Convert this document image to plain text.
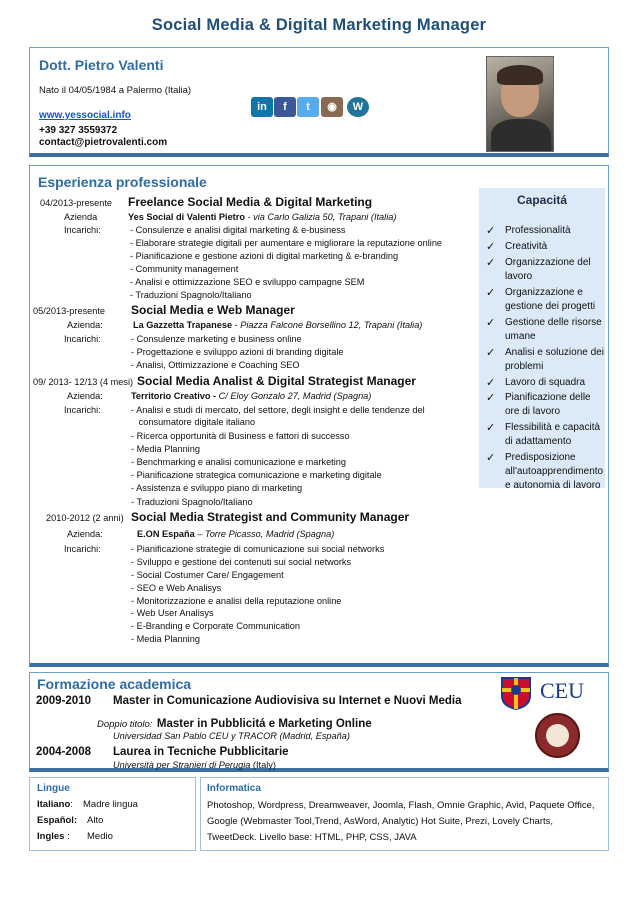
Social Media & Digital Marketing Manager
Dott. Pietro Valenti
Nato il 04/05/1984 a Palermo (Italia)
www.yessocial.info
+39 327 3559372
contact@pietrovalenti.com
in	f	t	◉	W
Esperienza professionale
04/2013-presente Freelance Social Media & Digital Marketing
Azienda	Yes Social di Valenti Pietro - via Carlo Galizia 50, Trapani (Italia)
Incarichi:	- Consulenze e analisi digital marketing & e-business
- Elaborare strategie digitali per aumentare e migliorare la reputazione online
- Pianificazione e gestione azioni di digital marketing & e-branding
- Community management
- Analisi e ottimizzazione SEO e sviluppo campagne SEM
- Traduzioni Spagnolo/Italiano
05/2013-presente Social Media e Web Manager
Azienda:	La Gazzetta Trapanese - Piazza Falcone Borsellino 12, Trapani (Italia)
Incarichi:	- Consulenze marketing e business online
- Progettazione e sviluppo azioni di branding digitale
- Analisi, Ottimizzazione e Coaching SEO
09/ 2013- 12/13 (4 mesi) Social Media Analist & Digital Strategist Manager
Azienda:	Territorio Creativo - C/ Eloy Gonzalo 27, Madrid (Spagna)
Incarichi:	- Analisi e studi di mercato, del settore, degli insight e delle tendenze del
consumatore digitale italiano
- Ricerca opportunità di Business e fattori di successo
- Media Planning
- Benchmarking e analisi comunicazione e marketing
- Pianificazione strategica comunicazione e marketing digitale
- Assistenza e sviluppo piano di marketing
- Traduzioni Spagnolo/Italiano
2010-2012 (2 anni) Social Media Strategist and Community Manager
Azienda:	E.ON España – Torre Picasso, Madrid (Spagna)
Incarichi:	- Pianificazione strategie di comunicazione sui social networks
- Sviluppo e gestione dei contenuti sui social networks
- Social Costumer Care/ Engagement
- SEO e Web Analisys
- Monitorizzazione e analisi della reputazione online
- Web User Analisys
- E-Branding e Corporate Communication
- Media Planning
Capacitá
✓ Professionalità
✓ Creatività
✓ Organizzazione del
lavoro
✓ Organizzazione e
gestione dei progetti
✓ Gestione delle risorse
umane
✓ Analisi e soluzione dei
problemi
✓ Lavoro di squadra
✓ Pianificazione delle
ore di lavoro
✓ Flessibilità e capacità
di adattamento
✓ Predisposizione
all'autoapprendimento
e autonomia di lavoro
Formazione academica
2009-2010 Master in Comunicazione Audiovisiva su Internet e Nuovi Media
Doppio titolo: Master in Pubblicitá e Marketing Online
Universidad San Pablo CEU y TRACOR (Madrid, España)
2004-2008 Laurea in Tecniche Pubblicitarie
Università per Stranieri di Perugia (Italy)
CEU
Lingue
Italiano: Madre lingua
Español: Alto
Ingles : Medio
Informatica
Photoshop, Wordpress, Dreamweaver, Joomla, Flash, Omnie Graphic, Avid, Paquete Office, Google (Webmaster Tool,Trend, AsWord, Analytic) Hot Suite, Prezi, Lovely Charts, TweetDeck. Livello base: HTML, PHP, CSS, JAVA
